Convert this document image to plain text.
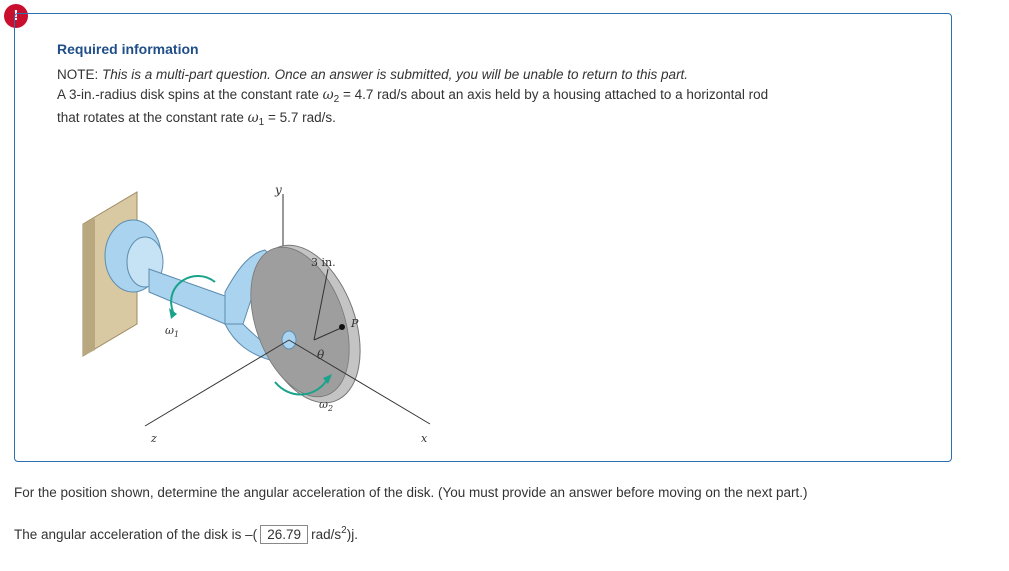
!
Required information
NOTE: This is a multi-part question. Once an answer is submitted, you will be unable to return to this part.
A 3-in.-radius disk spins at the constant rate $\omega_2 = 4.7$ rad/s about an axis held by a housing attached to a horizontal rod
that rotates at the constant rate $\omega_1 = 5.7$ rad/s.
y
3 in.
P
θ
$\omega_1$
$\omega_2$
z	x
For the position shown, determine the angular acceleration of the disk. (You must provide an answer before moving on the next part.)
The angular acceleration of the disk is –( 26.79 rad/$s^2)j$.
